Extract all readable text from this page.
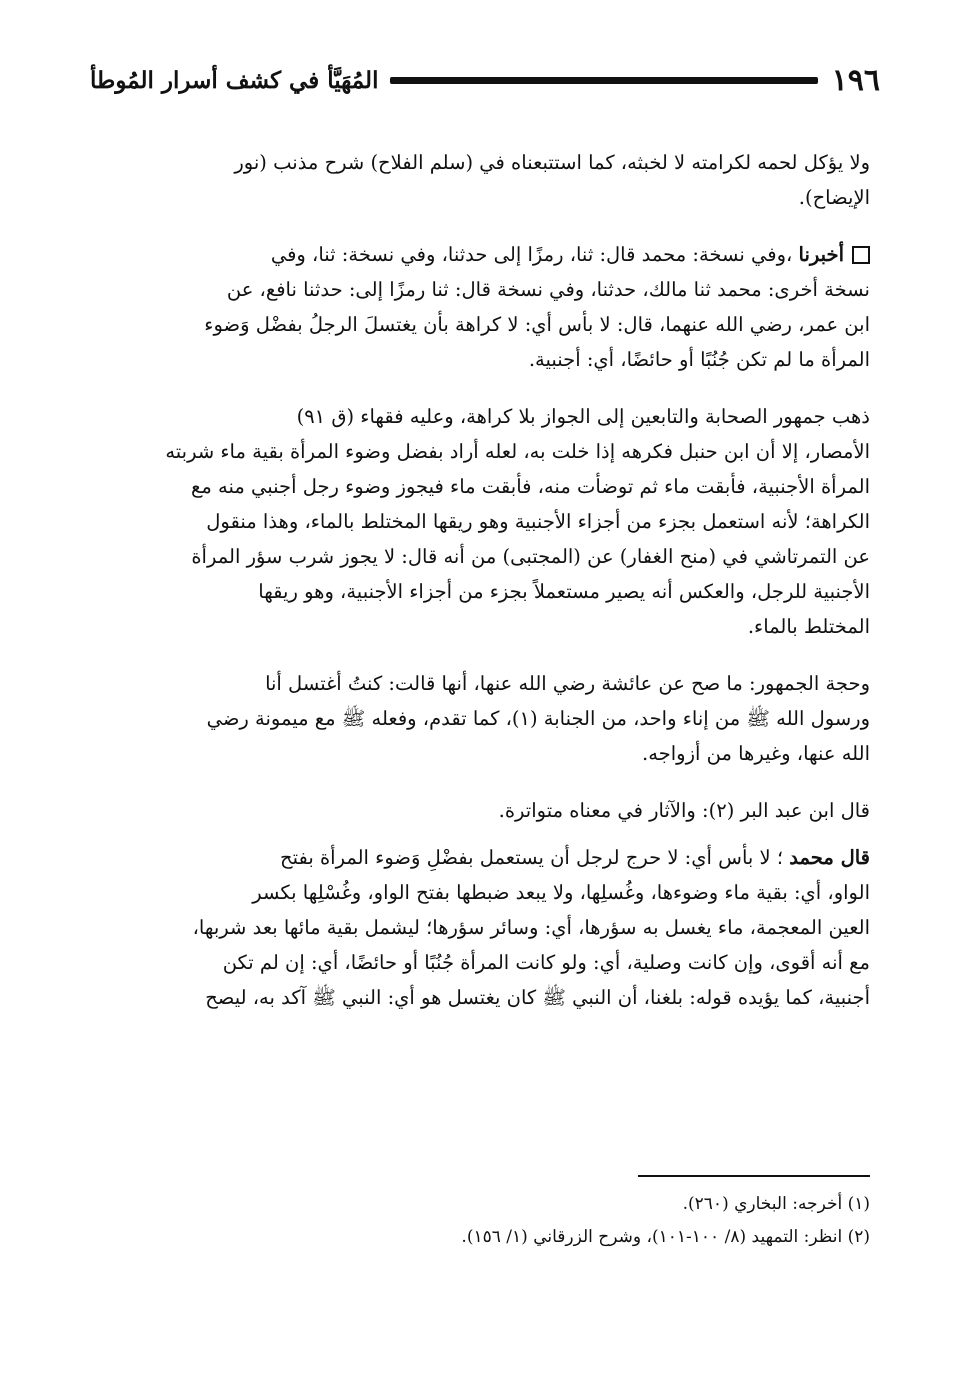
١٩٦
المُهَيَّأ في كشف أسرار المُوطأ

ولا يؤكل لحمه لكرامته لا لخبثه، كما استتبعناه في (سلم الفلاح) شرح مذنب (نور

الإيضاح).

أخبرنا ،وفي نسخة: محمد قال: ثنا، رمزًا إلى حدثنا، وفي نسخة: ثنا، وفي

نسخة أخرى: محمد ثنا مالك، حدثنا، وفي نسخة قال: ثنا رمزًا إلى: حدثنا نافع، عن

ابن عمر، رضي الله عنهما، قال: لا بأس أي: لا كراهة بأن يغتسلَ الرجلُ بفضْل وَضوء

المرأة ما لم تكن جُنُبًا أو حائضًا، أي: أجنبية.

ذهب جمهور الصحابة والتابعين إلى الجواز بلا كراهة، وعليه فقهاء (ق ٩١)

الأمصار، إلا أن ابن حنبل فكرهه إذا خلت به، لعله أراد بفضل وضوء المرأة بقية ماء شربته

المرأة الأجنبية، فأبقت ماء ثم توضأت منه، فأبقت ماء فيجوز وضوء رجل أجنبي منه مع

الكراهة؛ لأنه استعمل بجزء من أجزاء الأجنبية وهو ريقها المختلط بالماء، وهذا منقول

عن التمرتاشي في (منح الغفار) عن (المجتبى) من أنه قال: لا يجوز شرب سؤر المرأة

الأجنبية للرجل، والعكس أنه يصير مستعملاً بجزء من أجزاء الأجنبية، وهو ريقها

المختلط بالماء.

وحجة الجمهور: ما صح عن عائشة رضي الله عنها، أنها قالت: كنتُ أغتسل أنا

ورسول الله ﷺ من إناء واحد، من الجنابة (١)، كما تقدم، وفعله ﷺ مع ميمونة رضي

الله عنها، وغيرها من أزواجه.

قال ابن عبد البر (٢): والآثار في معناه متواترة.

قال محمد ؛ لا بأس أي: لا حرج لرجل أن يستعمل بفضْلِ وَضوء المرأة بفتح

الواو، أي: بقية ماء وضوءها، وغُسلِها، ولا يبعد ضبطها بفتح الواو، وغُسْلِها بكسر

العين المعجمة، ماء يغسل به سؤرها، أي: وسائر سؤرها؛ ليشمل بقية مائها بعد شربها،

مع أنه أقوى، وإن كانت وصلية، أي: ولو كانت المرأة جُنُبًا أو حائضًا، أي: إن لم تكن

أجنبية، كما يؤيده قوله: بلغنا، أن النبي ﷺ كان يغتسل هو أي: النبي ﷺ آكد به، ليصح

(١) أخرجه: البخاري (٢٦٠).
(٢) انظر: التمهيد (٨/ ١٠٠-١٠١)، وشرح الزرقاني (١/ ١٥٦).
